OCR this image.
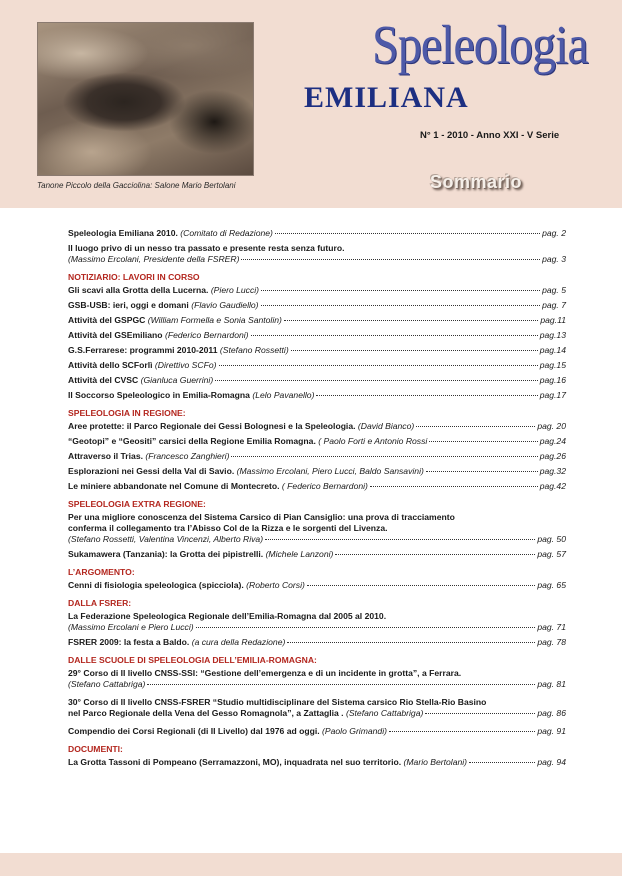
Tanone Piccolo della Gacciolina: Salone Mario Bertolani
Speleologia
EMILIANA
N° 1 - 2010 - Anno XXI - V Serie
Sommario
Speleologia Emiliana 2010.
(Comitato di Redazione)	pag. 2
Il luogo privo di un nesso tra passato e presente resta senza futuro.
(Massimo Ercolani, Presidente della FSRER)	pag. 3
NOTIZIARIO: LAVORI IN CORSO
Gli scavi alla Grotta della Lucerna.
(Piero Lucci)	pag. 5
GSB-USB: ieri, oggi e domani
(Flavio Gaudiello)	pag. 7
Attività del GSPGC
(William Formella e Sonia Santolin)	pag.11
Attività del GSEmiliano
(Federico Bernardoni)	pag.13
G.S.Ferrarese: programmi 2010-2011
(Stefano Rossetti)	pag.14
Attività dello SCForlì
(Direttivo SCFo)	pag.15
Attività del CVSC
(Gianluca Guerrini)	pag.16
Il Soccorso Speleologico in Emilia-Romagna
(Lelo Pavanello)	pag.17
SPELEOLOGIA IN REGIONE:
Aree protette: il Parco Regionale dei Gessi Bolognesi e la Speleologia.
(David Bianco)	pag. 20
“Geotopi” e “Geositi” carsici della Regione Emilia Romagna.
( Paolo Forti e Antonio Rossi	pag.24
Attraverso il Trias.
(Francesco Zanghieri)	pag.26
Esplorazioni nei Gessi della Val di Savio.
(Massimo Ercolani, Piero Lucci, Baldo Sansavini)	pag.32
Le miniere abbandonate nel Comune di Montecreto.
( Federico Bernardoni)	pag.42
SPELEOLOGIA EXTRA REGIONE:
Per una migliore conoscenza del Sistema Carsico di Pian Cansiglio: una prova di tracciamento
conferma il collegamento tra l’Abisso Col de la Rizza e le sorgenti del Livenza.
(Stefano Rossetti, Valentina Vincenzi, Alberto Riva)	pag. 50
Sukamawera (Tanzania): la Grotta dei pipistrelli.
(Michele Lanzoni)	pag. 57
L’ARGOMENTO:
Cenni di fisiologia speleologica (spicciola).
(Roberto Corsi)	pag. 65
DALLA FSRER:
La Federazione Speleologica Regionale dell’Emilia-Romagna dal 2005 al 2010.
(Massimo Ercolani e Piero Lucci)	pag. 71
FSRER 2009: la festa a Baldo.
(a cura della Redazione)	pag. 78
DALLE SCUOLE DI SPELEOLOGIA DELL’EMILIA-ROMAGNA:
29° Corso di II livello CNSS-SSI: “Gestione dell’emergenza e di un incidente in grotta”, a Ferrara.
(Stefano Cattabriga)	pag. 81
30° Corso di II livello CNSS-FSRER “Studio multidisciplinare del Sistema carsico Rio Stella-Rio Basino
nel Parco Regionale della Vena del Gesso Romagnola”, a Zattaglia .
(Stefano Cattabriga)	pag. 86
Compendio dei Corsi Regionali (di II Livello) dal 1976 ad oggi.
(Paolo Grimandi)	pag. 91
DOCUMENTI:
La Grotta Tassoni di Pompeano (Serramazzoni, MO), inquadrata nel suo territorio.
(Mario Bertolani)	pag. 94
